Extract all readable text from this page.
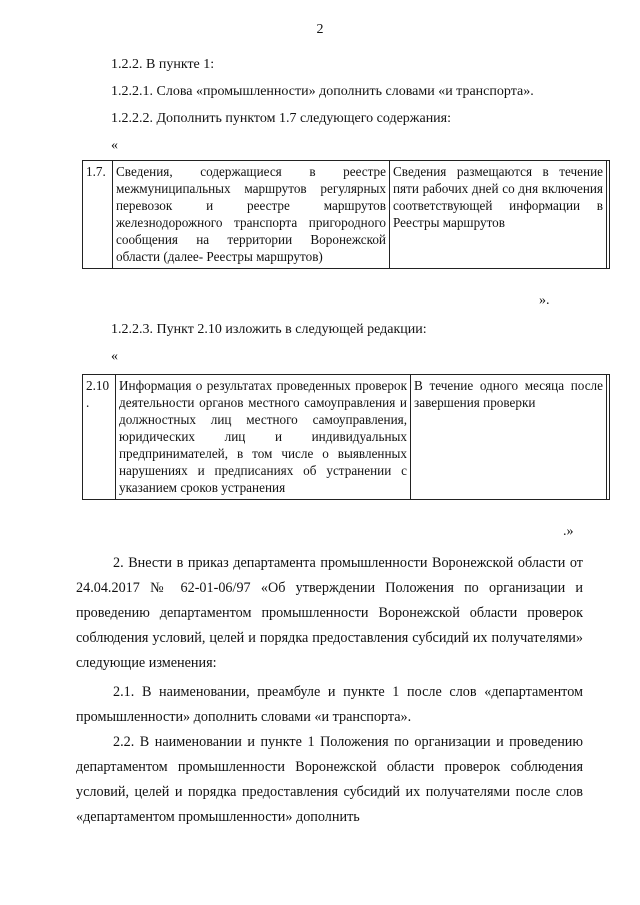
2
1.2.2. В пункте 1:
1.2.2.1. Слова «промышленности» дополнить словами «и транспорта».
1.2.2.2. Дополнить пунктом 1.7 следующего содержания:
«
1.7.	Сведения, содержащиеся в реестре межмуниципальных маршрутов регулярных перевозок и реестре маршрутов железнодорожного транспорта пригородного сообщения на территории Воронежской области (далее- Реестры маршрутов)	Сведения размещаются в течение пяти рабочих дней со дня включения соответствующей информации в Реестры маршрутов	
».
1.2.2.3. Пункт 2.10 изложить в следующей редакции:
«
2.10 .	Информация о результатах проведенных проверок деятельности органов местного самоуправления и должностных лиц местного самоуправления, юридических лиц и индивидуальных предпринимателей, в том числе о выявленных нарушениях и предписаниях об устранении с указанием сроков устранения	В течение одного месяца после завершения проверки	
.»
2. Внести в приказ департамента промышленности Воронежской области от 24.04.2017 № 62-01-06/97 «Об утверждении Положения по организации и проведению департаментом промышленности Воронежской области проверок соблюдения условий, целей и порядка предоставления субсидий их получателями» следующие изменения:
2.1. В наименовании, преамбуле и пункте 1 после слов «департаментом промышленности» дополнить словами «и транспорта».
2.2. В наименовании и пункте 1 Положения по организации и проведению департаментом промышленности Воронежской области проверок соблюдения условий, целей и порядка предоставления субсидий их получателями после слов «департаментом промышленности» дополнить
